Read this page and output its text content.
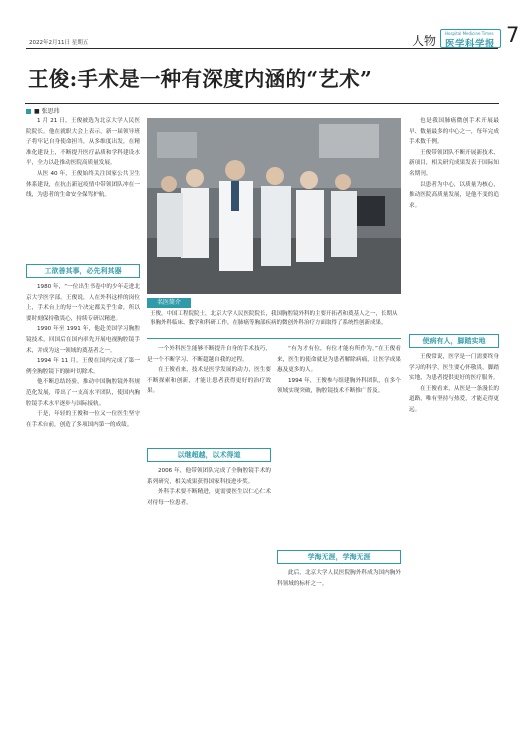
2022年2月11日 星期五	人物
Hospital Medicine Times
医学科学报 7
王俊:手术是一种有深度内涵的“艺术”
■ 张思玮

1 月 21 日，王俊被选为北京大学人民医院院长。他在就职大会上表示，新一届领导班子将牢记自身使命担当，从多维度出发，在精准化建设上，不断提升医疗品质和学科建设水平，全力以赴推动医院高质量发展。

从医 40 年，王俊始终关注国家公共卫生体系建设，在抗击新冠疫情中带领团队冲在一线，为患者的生命安全保驾护航。

工欲善其事，必先利其器

1980 年，“一位出生书卷中的少年走进北京大学医学部。王俊说，人在外科这样的岗位上，手术台上的每一个决定都关乎生命，所以要时刻保持敬畏心，持续专研以精进。

1990 年至 1991 年，他赴美国学习胸腔镜技术，回国后在国内率先开展电视胸腔镜手术，并成为这一领域的奠基者之一。

1994 年 11 月，王俊在国内完成了第一例全胸腔镜下的肺叶切除术。

他不断总结经验，推动中国胸腔镜外科规范化发展，带出了一支高水平团队，使国内胸腔镜手术水平逐步与国际接轨。

于是，年轻的王俊和一位又一位医生坚守在手术台前，创造了多项国内第一的成绩。

名医简介
王俊，中国工程院院士，北京大学人民医院院长，我国胸腔镜外科的主要开拓者和奠基人之一，长期从事胸外科临床、教学和科研工作，在肺癌等胸部疾病的微创外科治疗方面取得了系统性创新成果。

一个外科医生能够不断提升自身的手术技巧，是一个不断学习、不断超越自我的过程。

在王俊看来，技术是医学发展的动力，医生要不断探索和创新，才能让患者获得更好的治疗效果。

以继超越，以术得道

2006 年，他带领团队完成了全胸腔镜手术的系列研究，相关成果获得国家科技进步奖。

外科手术要不断精进，更需要医生以仁心仁术对待每一位患者。

“有为才有位，有位才能有所作为。”在王俊看来，医生的使命就是为患者解除病痛，让医学成果惠及更多的人。

1994 年，王俊参与组建胸外科团队，在多个领域实现突破，胸腔镜技术不断推广普及。

学海无涯，学海无涯

此后，北京大学人民医院胸外科成为国内胸外科领域的标杆之一。

也是我国肺癌微创手术开展最早、数量最多的中心之一，每年完成手术数千例。

王俊带领团队不断开展新技术、新项目，相关研究成果发表于国际知名期刊。

以患者为中心，以质量为核心，推动医院高质量发展，是他不变的追求。

使病有人，脚踏实地

王俊常说，医学是一门需要终身学习的科学，医生要心怀敬畏，脚踏实地，为患者提供更好的医疗服务。

在王俊看来，从医是一条漫长的道路，唯有坚持与热爱，才能走得更远。
